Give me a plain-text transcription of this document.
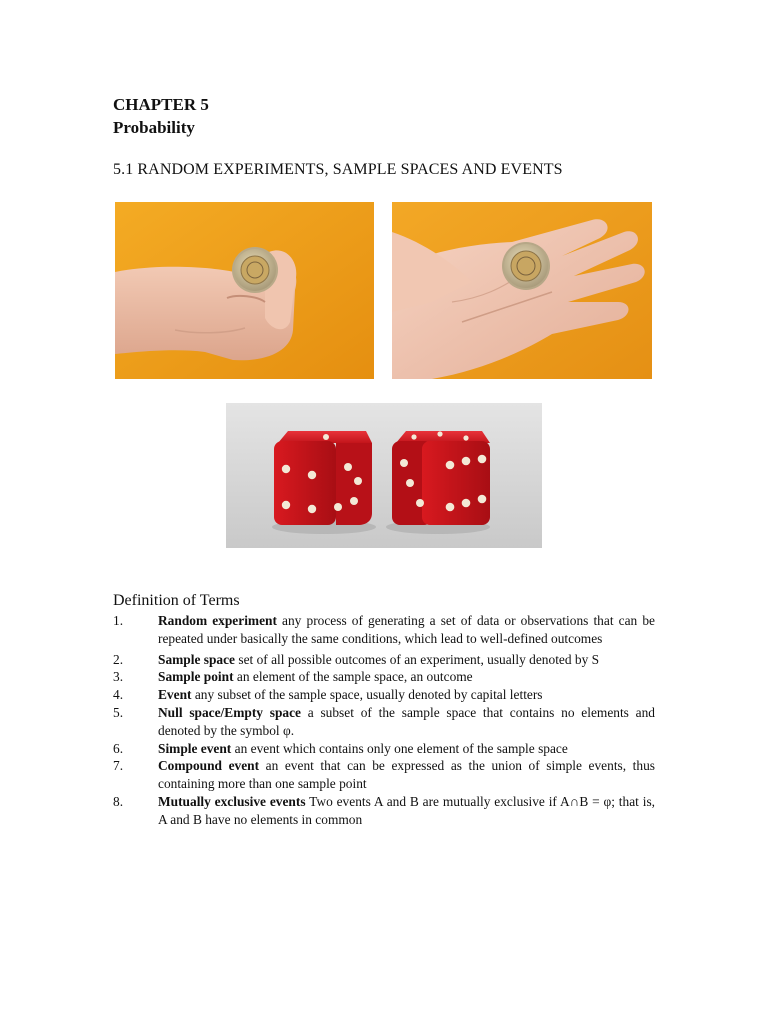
CHAPTER 5
Probability
5.1 RANDOM EXPERIMENTS, SAMPLE SPACES AND EVENTS
Definition of Terms
1.	Random experiment any process of generating a set of data or observations that can be repeated under basically the same conditions, which lead to well-defined outcomes
2.	Sample space set of all possible outcomes of an experiment, usually denoted by S
3.	Sample point an element of the sample space, an outcome
4.	Event any subset of the sample space, usually denoted by capital letters
5.	Null space/Empty space a subset of the sample space that contains no elements and denoted by the symbol φ.
6.	Simple event an event which contains only one element of the sample space
7.	Compound event an event that can be expressed as the union of simple events, thus containing more than one sample point
8.	Mutually exclusive events Two events A and B are mutually exclusive if A∩B = φ; that is, A and B have no elements in common
